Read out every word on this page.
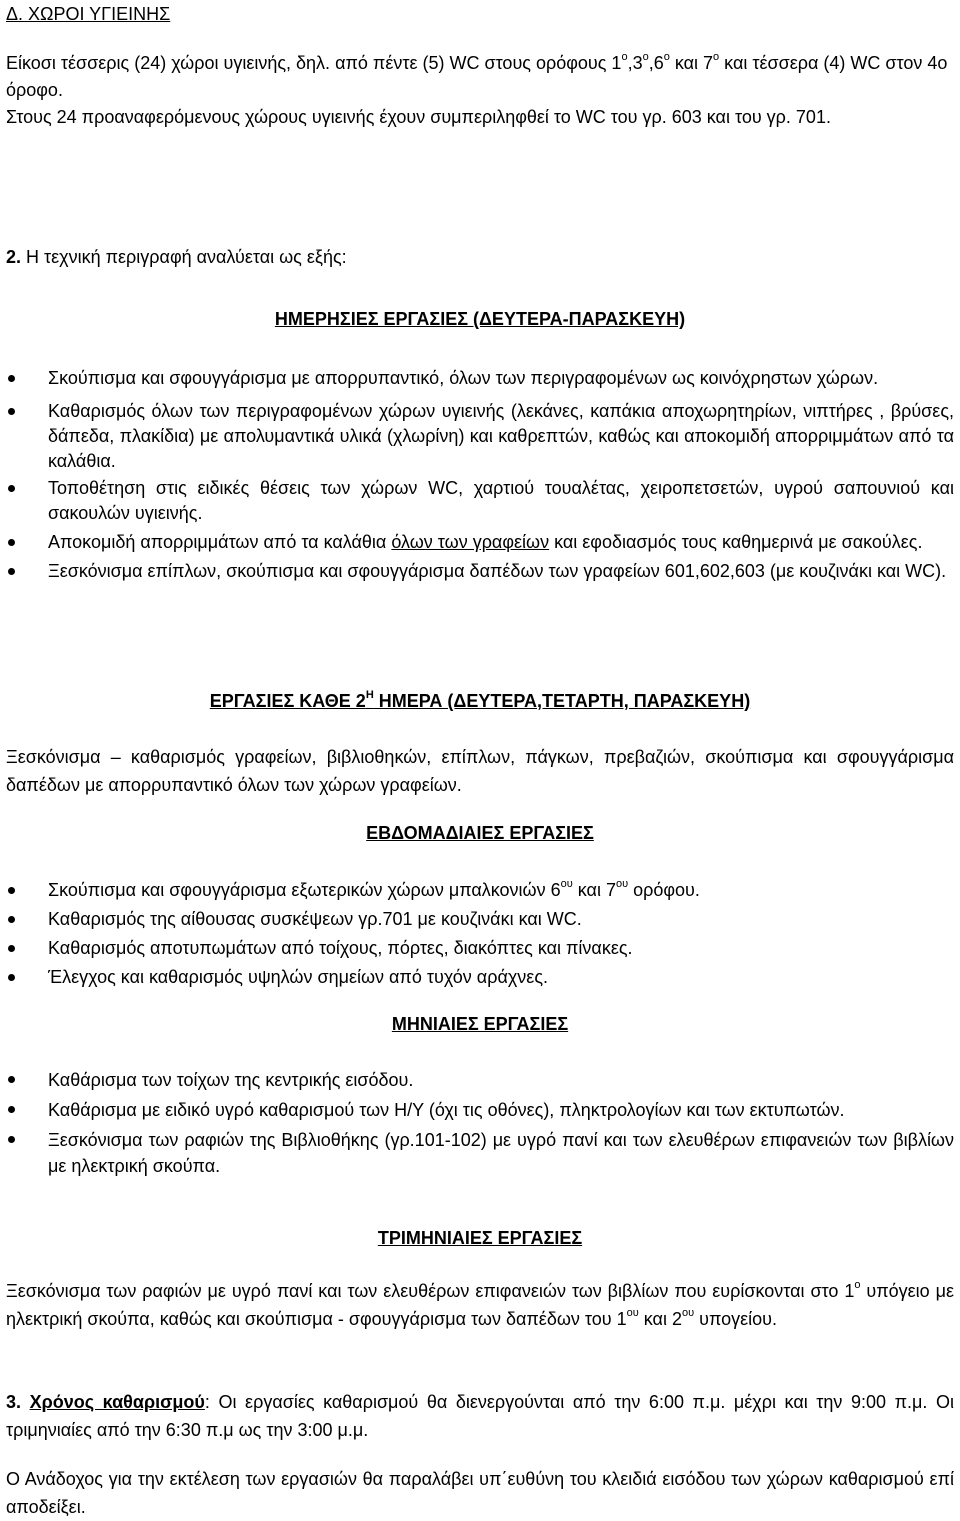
Δ. ΧΩΡΟΙ ΥΓΙΕΙΝΗΣ
Είκοσι τέσσερις (24) χώροι υγιεινής, δηλ. από πέντε (5) WC στους ορόφους $1^o,3^o,6^o$ και $7^o$ και τέσσερα (4) WC στον 4ο όροφο.
Στους 24 προαναφερόμενους χώρους υγιεινής έχουν συμπεριληφθεί το WC του γρ. 603 και του γρ. 701.
2. Η τεχνική περιγραφή αναλύεται ως εξής:
ΗΜΕΡΗΣΙΕΣ ΕΡΓΑΣΙΕΣ (ΔΕΥΤΕΡΑ-ΠΑΡΑΣΚΕΥΗ)
Σκούπισμα και σφουγγάρισμα με απορρυπαντικό, όλων των περιγραφομένων ως κοινόχρηστων χώρων.
Καθαρισμός όλων των περιγραφομένων χώρων υγιεινής (λεκάνες, καπάκια αποχωρητηρίων, νιπτήρες , βρύσες, δάπεδα, πλακίδια) με απολυμαντικά υλικά (χλωρίνη) και καθρεπτών, καθώς και αποκομιδή απορριμμάτων από τα καλάθια.
Τοποθέτηση στις ειδικές θέσεις των χώρων WC, χαρτιού τουαλέτας, χειροπετσετών, υγρού σαπουνιού και σακουλών υγιεινής.
Αποκομιδή απορριμμάτων από τα καλάθια όλων των γραφείων και εφοδιασμός τους καθημερινά με σακούλες.
Ξεσκόνισμα επίπλων, σκούπισμα και σφουγγάρισμα δαπέδων των γραφείων 601,602,603 (με κουζινάκι και WC).
ΕΡΓΑΣΙΕΣ ΚΑΘΕ $2^H$ ΗΜΕΡΑ (ΔΕΥΤΕΡΑ,ΤΕΤΑΡΤΗ, ΠΑΡΑΣΚΕΥΗ)
Ξεσκόνισμα – καθαρισμός γραφείων, βιβλιοθηκών, επίπλων, πάγκων, πρεβαζιών, σκούπισμα και σφουγγάρισμα δαπέδων με απορρυπαντικό όλων των χώρων γραφείων.
ΕΒΔΟΜΑΔΙΑΙΕΣ ΕΡΓΑΣΙΕΣ
Σκούπισμα και σφουγγάρισμα εξωτερικών χώρων μπαλκονιών $6^{o\upsilon}$ και $7^{o\upsilon}$ ορόφου.
Καθαρισμός της αίθουσας συσκέψεων γρ.701 με κουζινάκι και WC.
Καθαρισμός αποτυπωμάτων από τοίχους, πόρτες, διακόπτες και πίνακες.
Έλεγχος και καθαρισμός υψηλών σημείων από τυχόν αράχνες.
ΜΗΝΙΑΙΕΣ ΕΡΓΑΣΙΕΣ
Καθάρισμα των τοίχων της κεντρικής εισόδου.
Καθάρισμα με ειδικό υγρό καθαρισμού των Η/Υ (όχι τις οθόνες), πληκτρολογίων και των εκτυπωτών.
Ξεσκόνισμα των ραφιών της Βιβλιοθήκης (γρ.101-102) με υγρό πανί και των ελευθέρων επιφανειών των βιβλίων με ηλεκτρική σκούπα.
ΤΡΙΜΗΝΙΑΙΕΣ ΕΡΓΑΣΙΕΣ
Ξεσκόνισμα των ραφιών με υγρό πανί και των ελευθέρων επιφανειών των βιβλίων που ευρίσκονται στο $1^o$ υπόγειο με ηλεκτρική σκούπα, καθώς και σκούπισμα - σφουγγάρισμα των δαπέδων του $1^{o\upsilon}$ και $2^{o\upsilon}$ υπογείου.
3. Χρόνος καθαρισμού: Οι εργασίες καθαρισμού θα διενεργούνται από την 6:00 π.μ. μέχρι και την 9:00 π.μ. Οι τριμηνιαίες από την 6:30 π.μ ως την 3:00 μ.μ.
Ο Ανάδοχος για την εκτέλεση των εργασιών θα παραλάβει υπ΄ευθύνη του κλειδιά εισόδου των χώρων καθαρισμού επί αποδείξει.
